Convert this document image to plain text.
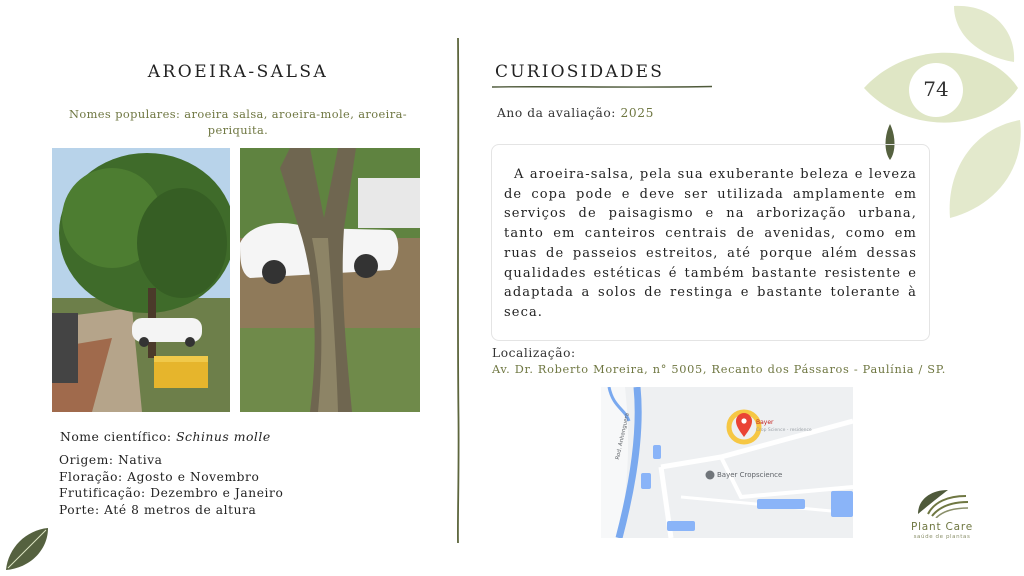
74
AROEIRA-SALSA
Nomes populares: aroeira salsa, aroeira-mole, aroeira-periquita.
Nome científico: Schinus molle
Origem: Nativa
Floração: Agosto e Novembro
Frutificação: Dezembro e Janeiro
Porte: Até 8 metros de altura
CURIOSIDADES
Ano da avaliação: 2025

A aroeira-salsa, pela sua exuberante beleza e leveza de copa pode e deve ser utilizada amplamente em serviços de paisagismo e na arborização urbana, tanto em canteiros centrais de avenidas, como em ruas de passeios estreitos, até porque além dessas qualidades estéticas é também bastante resistente e adaptada a solos de restinga e bastante tolerante à seca.

Localização:
Av. Dr. Roberto Moreira, n° 5005, Recanto dos Pássaros - Paulínia / SP.
Rod. Anhanguera	Bayer
Crop Science - residence
Bayer Cropscience
Plant Care
saúde de plantas
